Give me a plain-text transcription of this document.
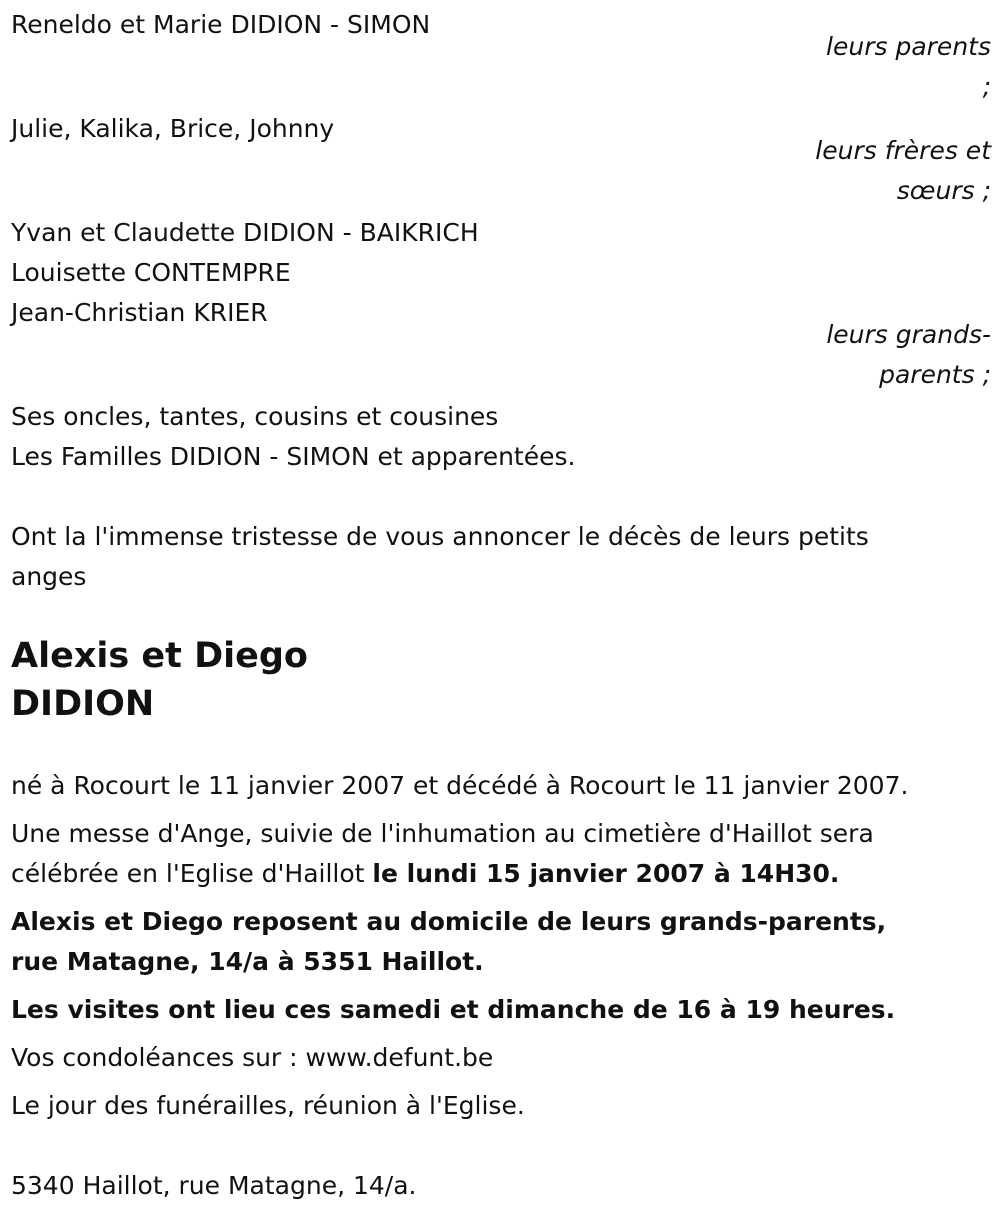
Reneldo et Marie DIDION - SIMON
leurs parents ;
Julie, Kalika, Brice, Johnny
leurs frères et sœurs ;
Yvan et Claudette DIDION - BAIKRICH
Louisette CONTEMPRE
Jean-Christian KRIER
leurs grands-parents ;
Ses oncles, tantes, cousins et cousines
Les Familles DIDION - SIMON et apparentées.

Ont la l'immense tristesse de vous annoncer le décès de leurs petits anges

Alexis et Diego
DIDION

né à Rocourt le 11 janvier 2007 et décédé à Rocourt le 11 janvier 2007.

Une messe d'Ange, suivie de l'inhumation au cimetière d'Haillot sera célébrée en l'Eglise d'Haillot le lundi 15 janvier 2007 à 14H30.

Alexis et Diego reposent au domicile de leurs grands-parents, rue Matagne, 14/a à 5351 Haillot.

Les visites ont lieu ces samedi et dimanche de 16 à 19 heures.

Vos condoléances sur : www.defunt.be

Le jour des funérailles, réunion à l'Eglise.

5340 Haillot, rue Matagne, 14/a.
